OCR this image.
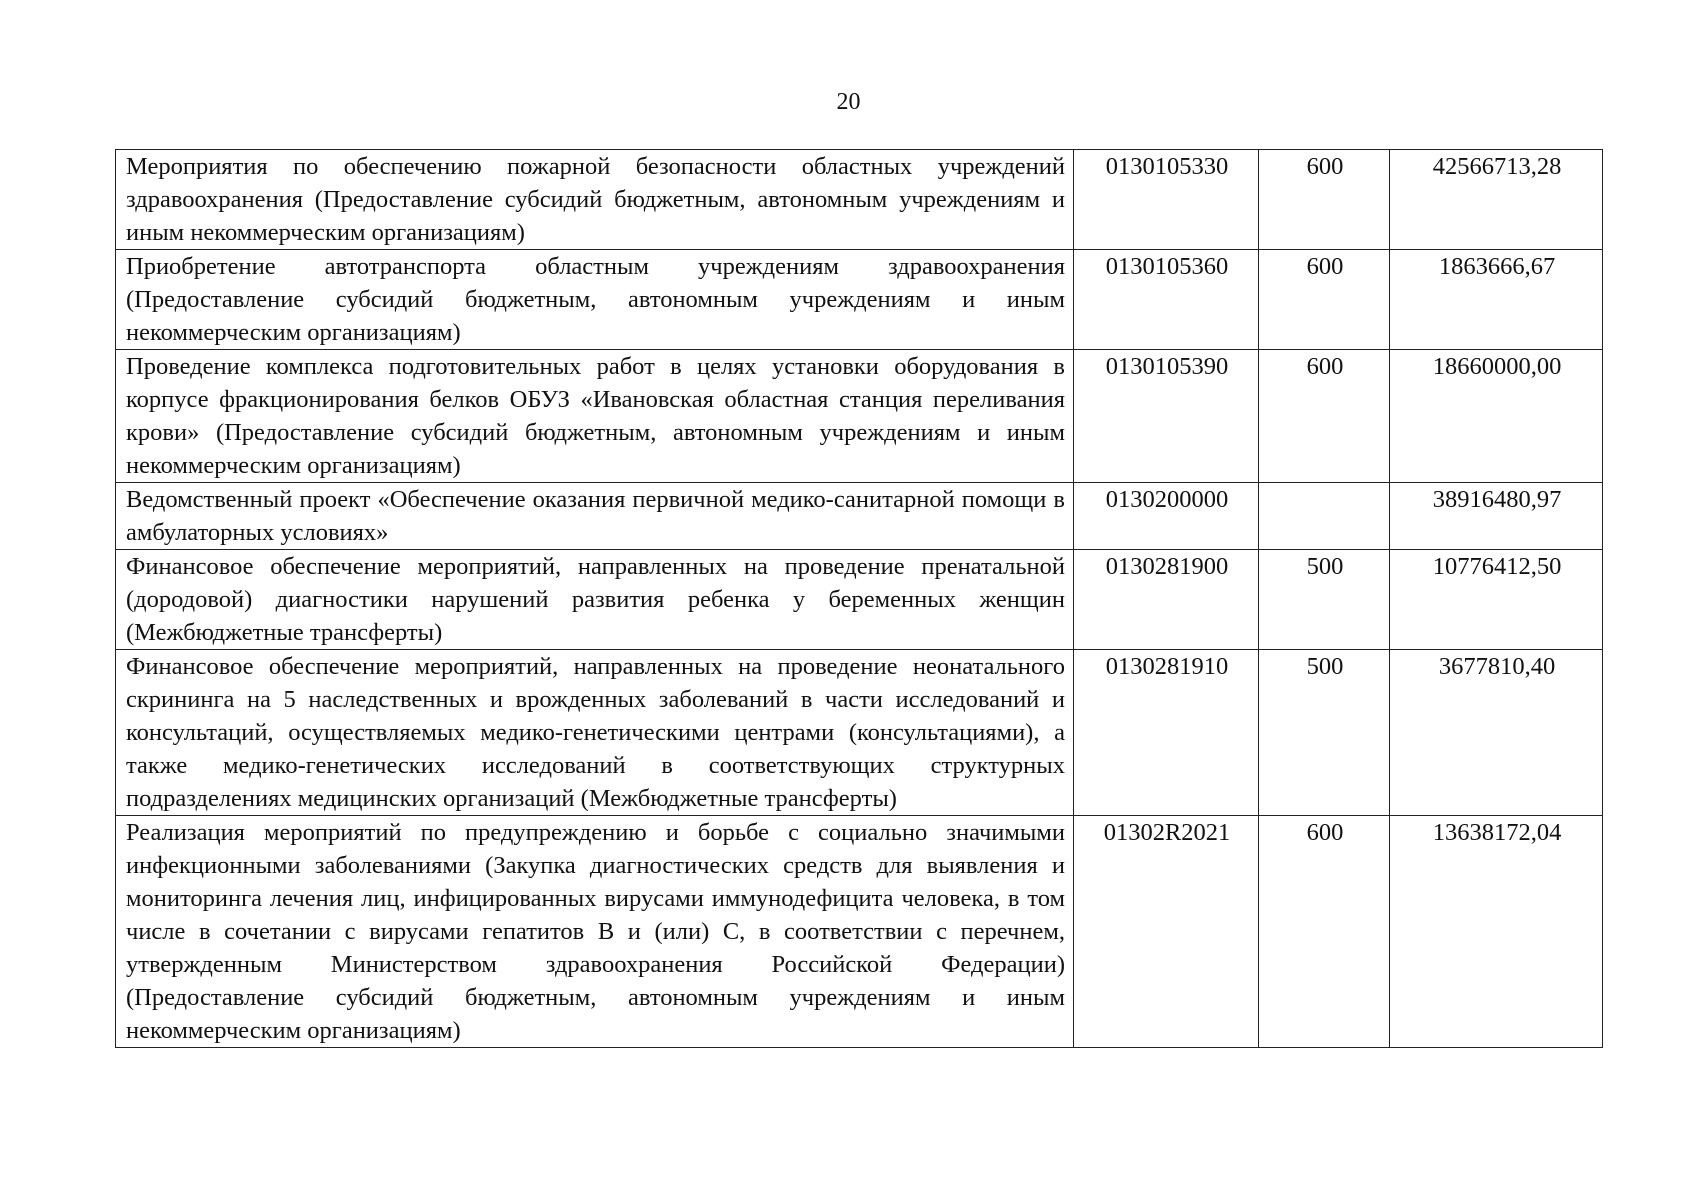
20
Мероприятия по обеспечению пожарной безопасности областных учреждений здравоохранения (Предоставление субсидий бюджетным, автономным учреждениям и иным некоммерческим организациям)	0130105330	600	42566713,28
Приобретение автотранспорта областным учреждениям здравоохранения (Предоставление субсидий бюджетным, автономным учреждениям и иным некоммерческим организациям)	0130105360	600	1863666,67
Проведение комплекса подготовительных работ в целях установки оборудования в корпусе фракционирования белков ОБУЗ «Ивановская областная станция переливания крови» (Предоставление субсидий бюджетным, автономным учреждениям и иным некоммерческим организациям)	0130105390	600	18660000,00
Ведомственный проект «Обеспечение оказания первичной медико-санитарной помощи в амбулаторных условиях»	0130200000		38916480,97
Финансовое обеспечение мероприятий, направленных на проведение пренатальной (дородовой) диагностики нарушений развития ребенка у беременных женщин (Межбюджетные трансферты)	0130281900	500	10776412,50
Финансовое обеспечение мероприятий, направленных на проведение неонатального скрининга на 5 наследственных и врожденных заболеваний в части исследований и консультаций, осуществляемых медико-генетическими центрами (консультациями), а также медико-генетических исследований в соответствующих структурных подразделениях медицинских организаций (Межбюджетные трансферты)	0130281910	500	3677810,40
Реализация мероприятий по предупреждению и борьбе с социально значимыми инфекционными заболеваниями (Закупка диагностических средств для выявления и мониторинга лечения лиц, инфицированных вирусами иммунодефицита человека, в том числе в сочетании с вирусами гепатитов B и (или) C, в соответствии с перечнем, утвержденным Министерством здравоохранения Российской Федерации) (Предоставление субсидий бюджетным, автономным учреждениям и иным некоммерческим организациям)	01302R2021	600	13638172,04
